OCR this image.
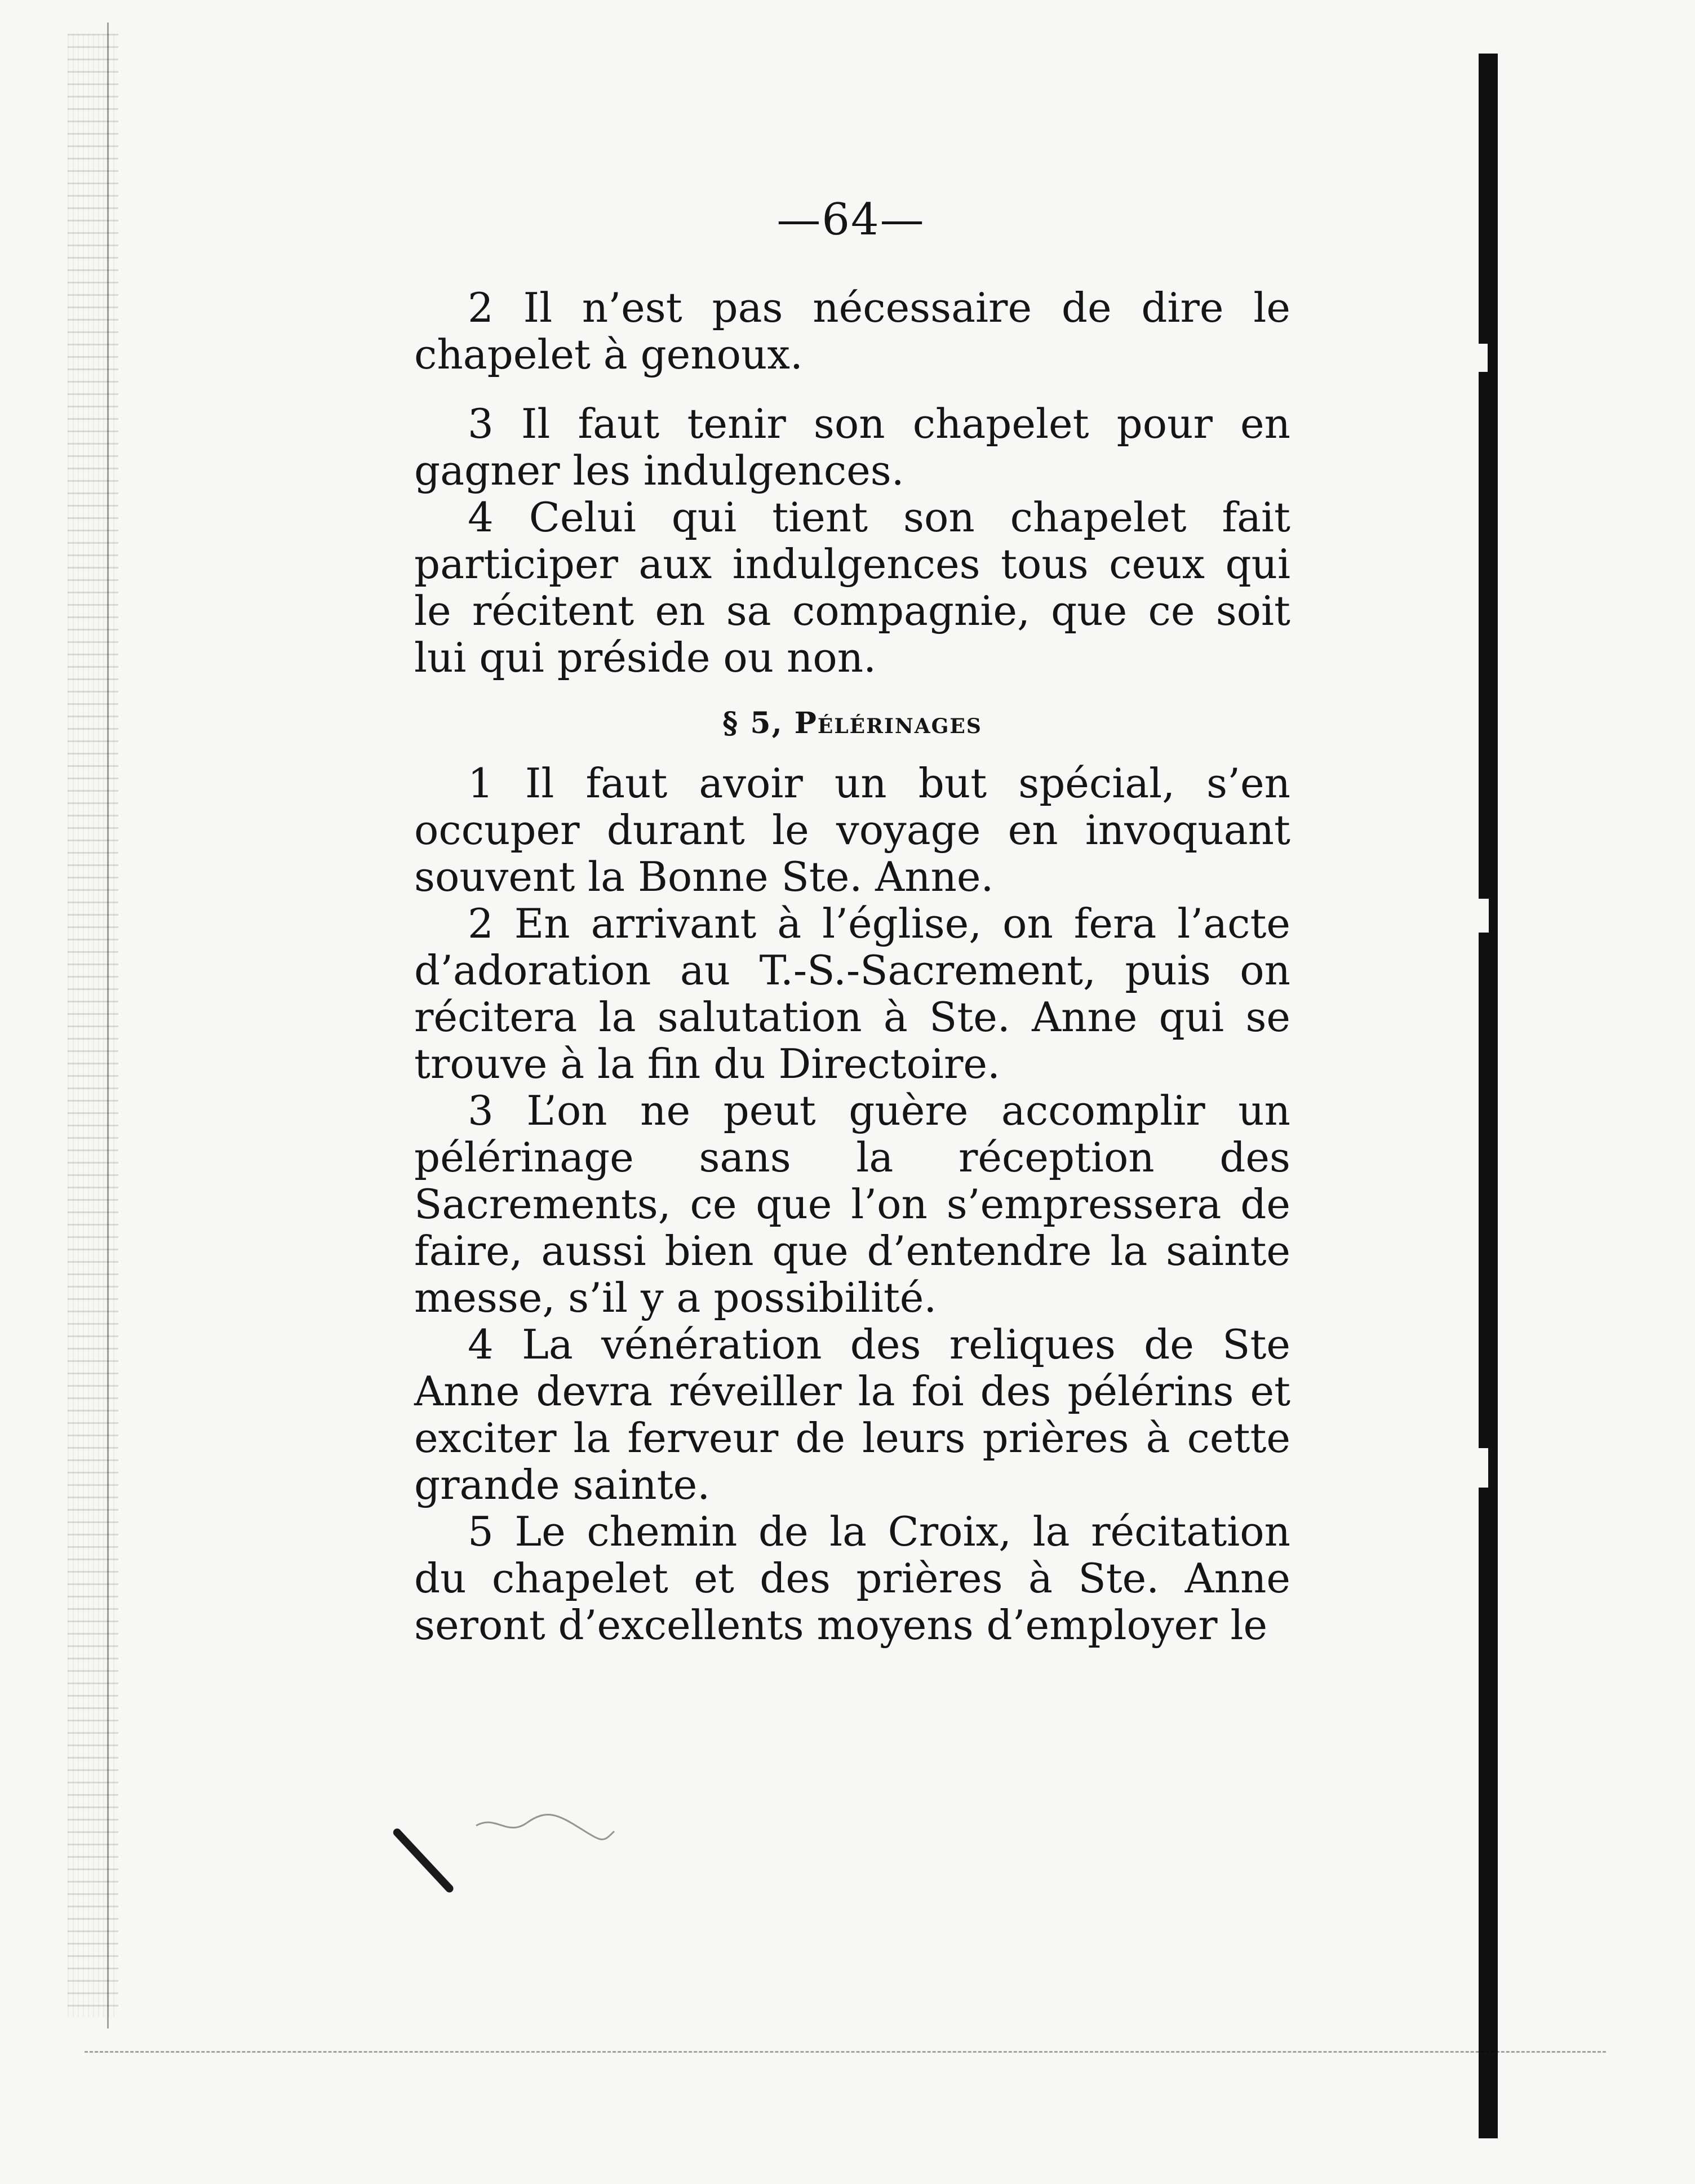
—64—

2 Il n’est pas nécessaire de dire le chapelet à genoux.

3 Il faut tenir son chapelet pour en gagner les indulgences.

4 Celui qui tient son chapelet fait participer aux indulgences tous ceux qui le récitent en sa compagnie, que ce soit lui qui préside ou non.

§ 5, Pélérinages

1 Il faut avoir un but spécial, s’en occuper durant le voyage en invoquant souvent la Bonne Ste. Anne.

2 En arrivant à l’église, on fera l’acte d’adoration au T.-S.-Sacrement, puis on récitera la salutation à Ste. Anne qui se trouve à la fin du Directoire.

3 L’on ne peut guère accomplir un pélérinage sans la réception des Sacrements, ce que l’on s’empressera de faire, aussi bien que d’entendre la sainte messe, s’il y a possibilité.

4 La vénération des reliques de Ste Anne devra réveiller la foi des pélérins et exciter la ferveur de leurs prières à cette grande sainte.

5 Le chemin de la Croix, la récitation du chapelet et des prières à Ste. Anne seront d’excellents moyens d’employer le
